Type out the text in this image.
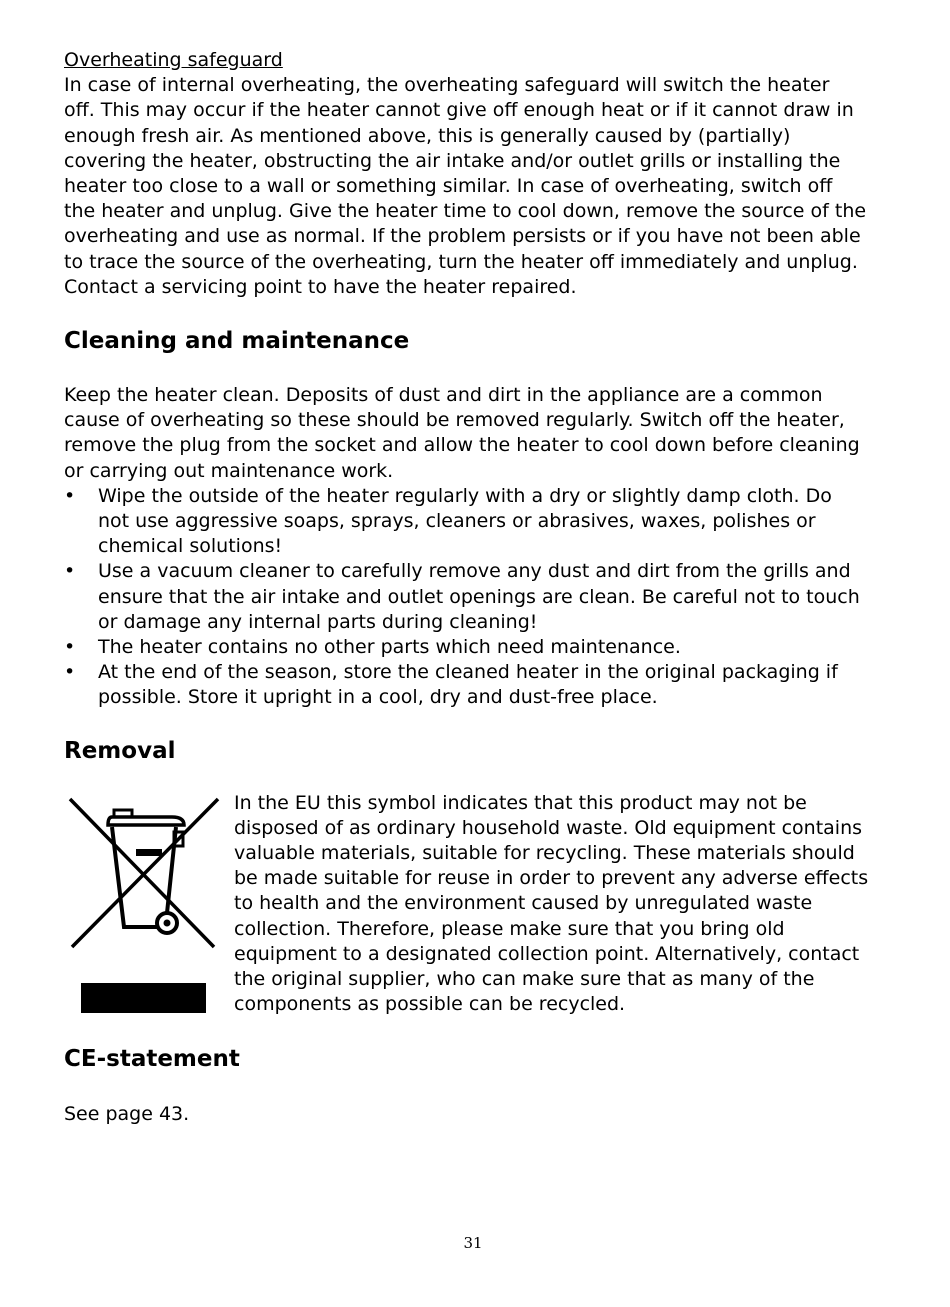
Overheating safeguard

In case of internal overheating, the overheating safeguard will switch the heater
off. This may occur if the heater cannot give off enough heat or if it cannot draw in
enough fresh air. As mentioned above, this is generally caused by (partially)
covering the heater, obstructing the air intake and/or outlet grills or installing the
heater too close to a wall or something similar. In case of overheating, switch off
the heater and unplug. Give the heater time to cool down, remove the source of the
overheating and use as normal. If the problem persists or if you have not been able
to trace the source of the overheating, turn the heater off immediately and unplug.
Contact a servicing point to have the heater repaired.
Cleaning and maintenance
Keep the heater clean. Deposits of dust and dirt in the appliance are a common
cause of overheating so these should be removed regularly. Switch off the heater,
remove the plug from the socket and allow the heater to cool down before cleaning
or carrying out maintenance work.
• Wipe the outside of the heater regularly with a dry or slightly damp cloth. Do
not use aggressive soaps, sprays, cleaners or abrasives, waxes, polishes or
chemical solutions!
• Use a vacuum cleaner to carefully remove any dust and dirt from the grills and
ensure that the air intake and outlet openings are clean. Be careful not to touch
or damage any internal parts during cleaning!
• The heater contains no other parts which need maintenance.
• At the end of the season, store the cleaned heater in the original packaging if
possible. Store it upright in a cool, dry and dust-free place.
Removal
In the EU this symbol indicates that this product may not be
disposed of as ordinary household waste. Old equipment contains
valuable materials, suitable for recycling. These materials should
be made suitable for reuse in order to prevent any adverse effects
to health and the environment caused by unregulated waste
collection. Therefore, please make sure that you bring old
equipment to a designated collection point. Alternatively, contact
the original supplier, who can make sure that as many of the
components as possible can be recycled.
CE-statement

See page 43.

31
